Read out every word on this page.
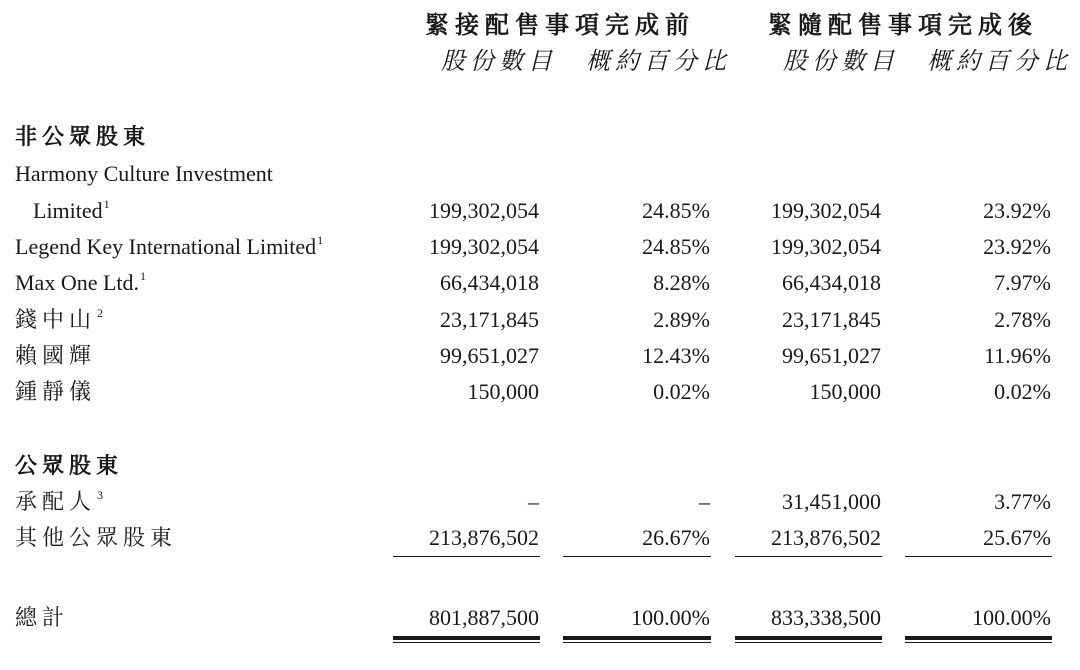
緊接配售事項完成前	緊隨配售事項完成後
股份數目 概約百分比 股份數目 概約百分比
非公眾股東
Harmony Culture Investment
Limited$^1$	199,302,054	24.85%	199,302,054	23.92%
Legend Key International Limited$^1$	199,302,054	24.85%	199,302,054	23.92%
Max One Ltd.$^1$	66,434,018	8.28%	66,434,018	7.97%
錢中山$^2$	23,171,845	2.89%	23,171,845	2.78%
賴國輝	99,651,027	12.43%	99,651,027	11.96%
鍾靜儀	150,000	0.02%	150,000	0.02%
公眾股東
承配人$^3$	–	–	31,451,000	3.77%
其他公眾股東	213,876,502	26.67%	213,876,502	25.67%
總計	801,887,500	100.00%	833,338,500	100.00%
